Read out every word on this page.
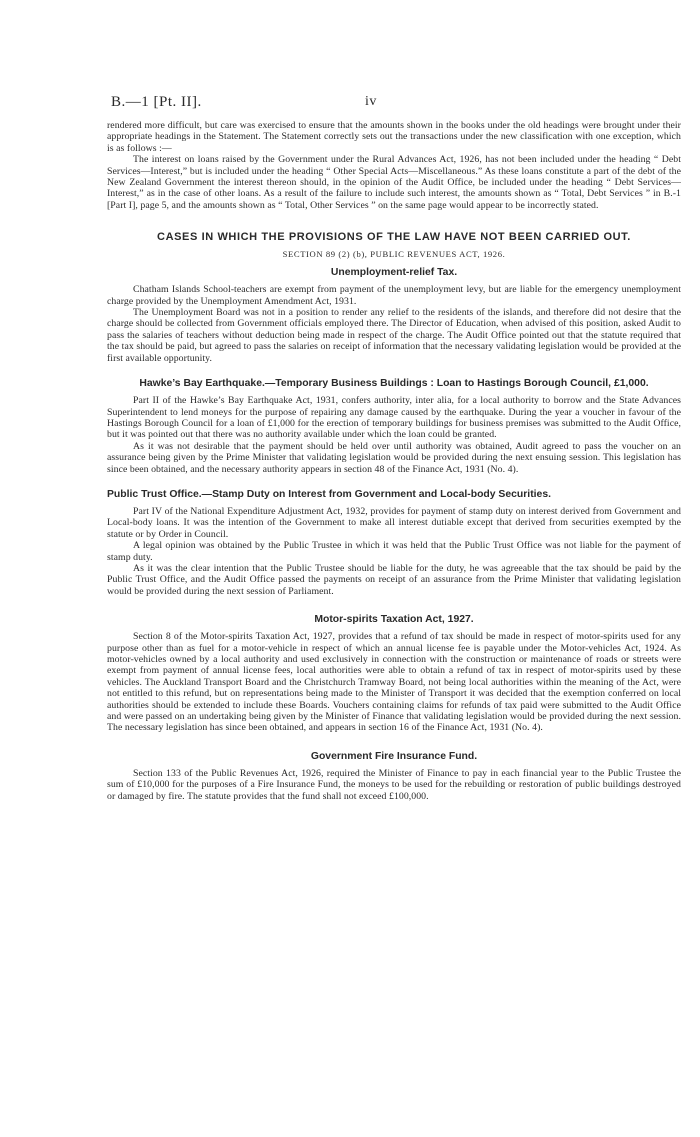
B.—1 [Pt. II].	iv

rendered more difficult, but care was exercised to ensure that the amounts shown in the books under the old headings were brought under their appropriate headings in the Statement. The Statement correctly sets out the transactions under the new classification with one exception, which is as follows :—

The interest on loans raised by the Government under the Rural Advances Act, 1926, has not been included under the heading “ Debt Services—Interest,” but is included under the heading “ Other Special Acts—Miscellaneous.” As these loans constitute a part of the debt of the New Zealand Government the interest thereon should, in the opinion of the Audit Office, be included under the heading “ Debt Services—Interest,” as in the case of other loans. As a result of the failure to include such interest, the amounts shown as “ Total, Debt Services ” in B.-1 [Part I], page 5, and the amounts shown as “ Total, Other Services ” on the same page would appear to be incorrectly stated.

CASES IN WHICH THE PROVISIONS OF THE LAW HAVE NOT BEEN CARRIED OUT.
SECTION 89 (2) (b), PUBLIC REVENUES ACT, 1926.
Unemployment-relief Tax.

Chatham Islands School-teachers are exempt from payment of the unemployment levy, but are liable for the emergency unemployment charge provided by the Unemployment Amendment Act, 1931.

The Unemployment Board was not in a position to render any relief to the residents of the islands, and therefore did not desire that the charge should be collected from Government officials employed there. The Director of Education, when advised of this position, asked Audit to pass the salaries of teachers without deduction being made in respect of the charge. The Audit Office pointed out that the statute required that the tax should be paid, but agreed to pass the salaries on receipt of information that the necessary validating legislation would be provided at the first available opportunity.

Hawke’s Bay Earthquake.—Temporary Business Buildings : Loan to Hastings Borough Council, £1,000.

Part II of the Hawke’s Bay Earthquake Act, 1931, confers authority, inter alia, for a local authority to borrow and the State Advances Superintendent to lend moneys for the purpose of repairing any damage caused by the earthquake. During the year a voucher in favour of the Hastings Borough Council for a loan of £1,000 for the erection of temporary buildings for business premises was submitted to the Audit Office, but it was pointed out that there was no authority available under which the loan could be granted.

As it was not desirable that the payment should be held over until authority was obtained, Audit agreed to pass the voucher on an assurance being given by the Prime Minister that validating legislation would be provided during the next ensuing session. This legislation has since been obtained, and the necessary authority appears in section 48 of the Finance Act, 1931 (No. 4).

Public Trust Office.—Stamp Duty on Interest from Government and Local-body Securities.

Part IV of the National Expenditure Adjustment Act, 1932, provides for payment of stamp duty on interest derived from Government and Local-body loans. It was the intention of the Government to make all interest dutiable except that derived from securities exempted by the statute or by Order in Council.

A legal opinion was obtained by the Public Trustee in which it was held that the Public Trust Office was not liable for the payment of stamp duty.

As it was the clear intention that the Public Trustee should be liable for the duty, he was agreeable that the tax should be paid by the Public Trust Office, and the Audit Office passed the payments on receipt of an assurance from the Prime Minister that validating legislation would be provided during the next session of Parliament.

Motor-spirits Taxation Act, 1927.

Section 8 of the Motor-spirits Taxation Act, 1927, provides that a refund of tax should be made in respect of motor-spirits used for any purpose other than as fuel for a motor-vehicle in respect of which an annual license fee is payable under the Motor-vehicles Act, 1924. As motor-vehicles owned by a local authority and used exclusively in connection with the construction or maintenance of roads or streets were exempt from payment of annual license fees, local authorities were able to obtain a refund of tax in respect of motor-spirits used by these vehicles. The Auckland Transport Board and the Christchurch Tramway Board, not being local authorities within the meaning of the Act, were not entitled to this refund, but on representations being made to the Minister of Transport it was decided that the exemption conferred on local authorities should be extended to include these Boards. Vouchers containing claims for refunds of tax paid were submitted to the Audit Office and were passed on an undertaking being given by the Minister of Finance that validating legislation would be provided during the next session. The necessary legislation has since been obtained, and appears in section 16 of the Finance Act, 1931 (No. 4).

Government Fire Insurance Fund.

Section 133 of the Public Revenues Act, 1926, required the Minister of Finance to pay in each financial year to the Public Trustee the sum of £10,000 for the purposes of a Fire Insurance Fund, the moneys to be used for the rebuilding or restoration of public buildings destroyed or damaged by fire. The statute provides that the fund shall not exceed £100,000.
